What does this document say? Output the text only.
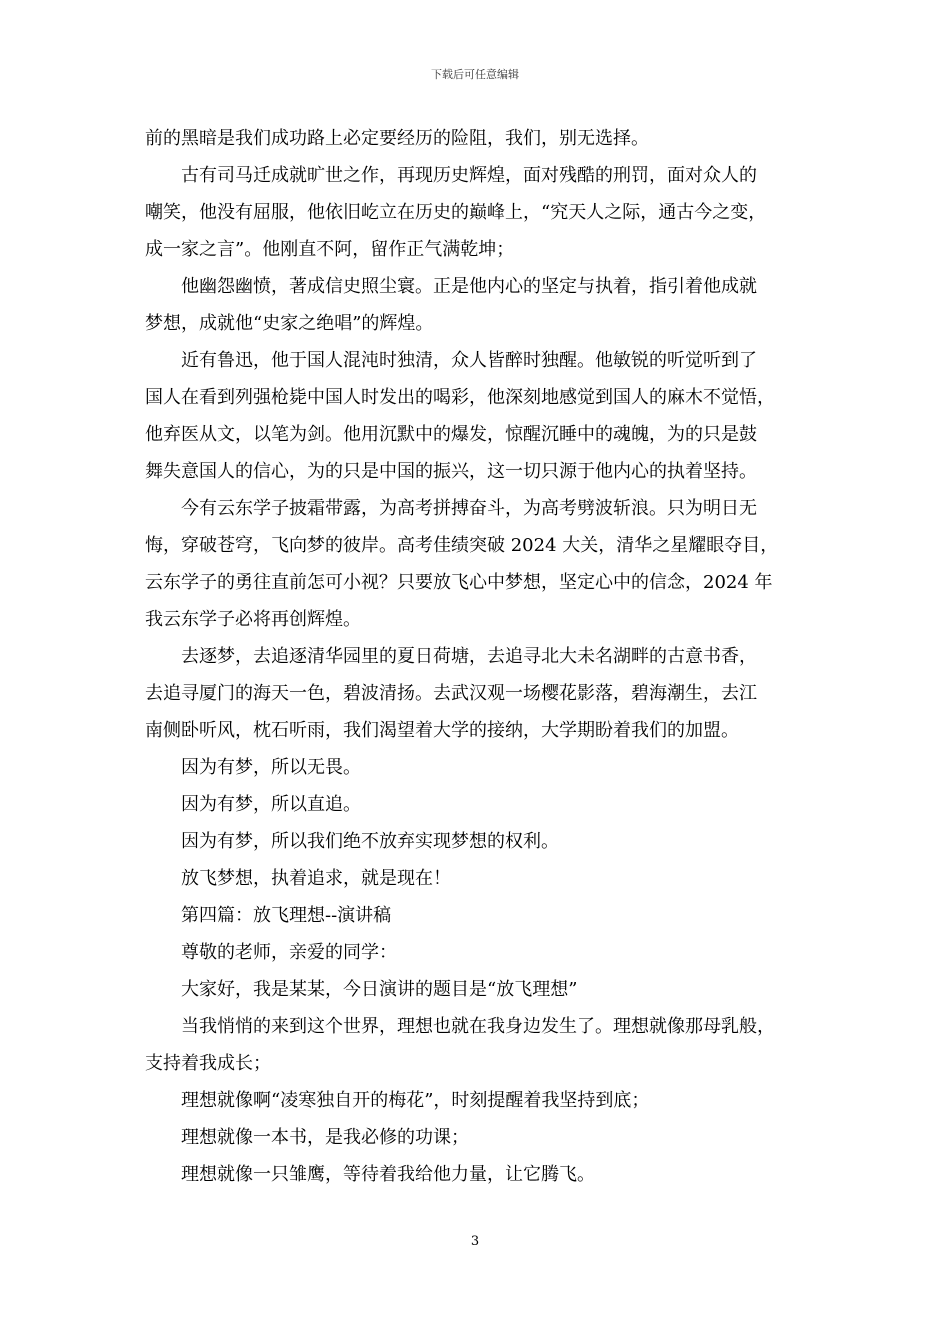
下载后可任意编辑

前的黑暗是我们成功路上必定要经历的险阻，我们，别无选择。

古有司马迁成就旷世之作，再现历史辉煌，面对残酷的刑罚，面对众人的
嘲笑，他没有屈服，他依旧屹立在历史的巅峰上，“究天人之际，通古今之变，
成一家之言”。他刚直不阿，留作正气满乾坤；

他幽怨幽愤，著成信史照尘寰。正是他内心的坚定与执着，指引着他成就
梦想，成就他“史家之绝唱”的辉煌。

近有鲁迅，他于国人混沌时独清，众人皆醉时独醒。他敏锐的听觉听到了
国人在看到列强枪毙中国人时发出的喝彩，他深刻地感觉到国人的麻木不觉悟，
他弃医从文，以笔为剑。他用沉默中的爆发，惊醒沉睡中的魂魄，为的只是鼓
舞失意国人的信心，为的只是中国的振兴，这一切只源于他内心的执着坚持。

今有云东学子披霜带露，为高考拼搏奋斗，为高考劈波斩浪。只为明日无
悔，穿破苍穹，飞向梦的彼岸。高考佳绩突破 2024 大关，清华之星耀眼夺目，
云东学子的勇往直前怎可小视？只要放飞心中梦想，坚定心中的信念，2024 年
我云东学子必将再创辉煌。

去逐梦，去追逐清华园里的夏日荷塘，去追寻北大未名湖畔的古意书香，
去追寻厦门的海天一色，碧波清扬。去武汉观一场樱花影落，碧海潮生，去江
南侧卧听风，枕石听雨，我们渴望着大学的接纳，大学期盼着我们的加盟。

因为有梦，所以无畏。

因为有梦，所以直追。

因为有梦，所以我们绝不放弃实现梦想的权利。

放飞梦想，执着追求，就是现在！

第四篇：放飞理想--演讲稿

尊敬的老师，亲爱的同学：

大家好，我是某某，今日演讲的题目是“放飞理想”

当我悄悄的来到这个世界，理想也就在我身边发生了。理想就像那母乳般，
支持着我成长；

理想就像啊“凌寒独自开的梅花”，时刻提醒着我坚持到底；

理想就像一本书，是我必修的功课；

理想就像一只雏鹰，等待着我给他力量，让它腾飞。

3
